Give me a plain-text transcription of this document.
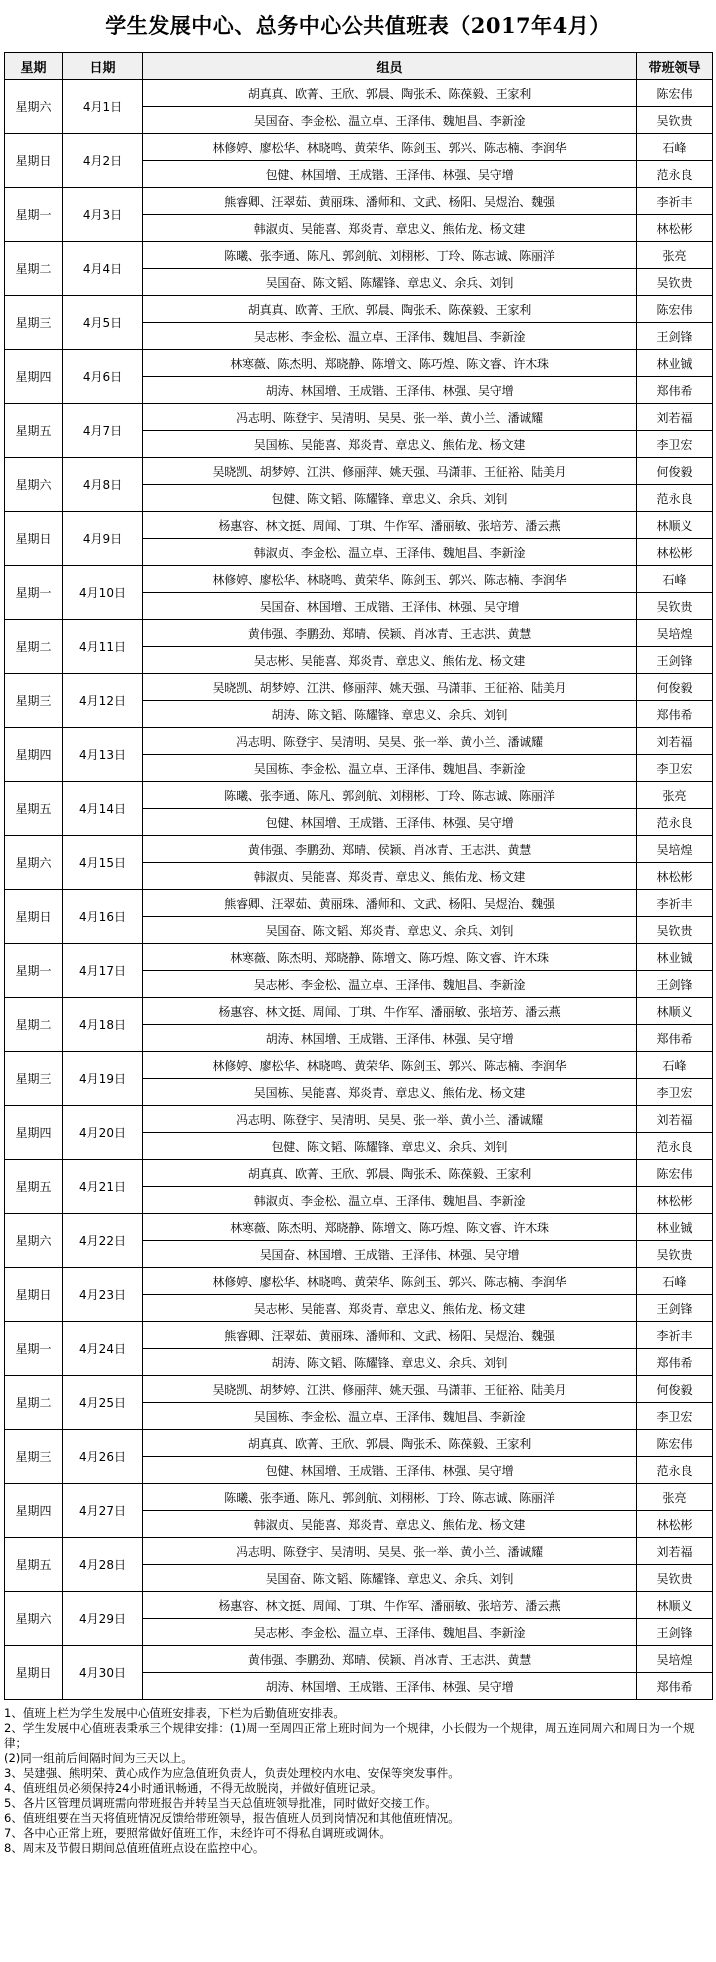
学生发展中心、总务中心公共值班表（2017年4月）
星期	日期	组员	带班领导
星期六	4月1日	胡真真、欧菁、王欣、郭晨、陶张禾、陈葆毅、王家利	陈宏伟
		吴国奋、李金松、温立卓、王泽伟、魏旭昌、李新淦	吴钦贵
星期日	4月2日	林修婷、廖松华、林晓鸣、黄荣华、陈剑玉、郭兴、陈志楠、李润华	石峰
		包健、林国增、王成锴、王泽伟、林强、吴守增	范永良
星期一	4月3日	熊睿卿、汪翠茹、黄丽珠、潘师和、文武、杨阳、吴煜治、魏强	李祈丰
		韩淑贞、吴能喜、郑炎青、章忠义、熊佑龙、杨文建	林松彬
星期二	4月4日	陈曦、张李通、陈凡、郭剑航、刘栩彬、丁玲、陈志诚、陈丽洋	张亮
		吴国奋、陈文韬、陈耀锋、章忠义、余兵、刘钊	吴钦贵
星期三	4月5日	胡真真、欧菁、王欣、郭晨、陶张禾、陈葆毅、王家利	陈宏伟
		吴志彬、李金松、温立卓、王泽伟、魏旭昌、李新淦	王剑锋
星期四	4月6日	林寒薇、陈杰明、郑晓静、陈增文、陈巧煌、陈文睿、许木珠	林业铖
		胡涛、林国增、王成锴、王泽伟、林强、吴守增	郑伟希
星期五	4月7日	冯志明、陈登宇、吴清明、吴昊、张一举、黄小兰、潘诚耀	刘若福
		吴国栋、吴能喜、郑炎青、章忠义、熊佑龙、杨文建	李卫宏
星期六	4月8日	吴晓凯、胡梦婷、江洪、修丽萍、姚天强、马潇菲、王征裕、陆美月	何俊毅
		包健、陈文韬、陈耀锋、章忠义、余兵、刘钊	范永良
星期日	4月9日	杨惠容、林文挺、周闻、丁琪、牛作军、潘丽敏、张培芳、潘云燕	林顺义
		韩淑贞、李金松、温立卓、王泽伟、魏旭昌、李新淦	林松彬
星期一	4月10日	林修婷、廖松华、林晓鸣、黄荣华、陈剑玉、郭兴、陈志楠、李润华	石峰
		吴国奋、林国增、王成锴、王泽伟、林强、吴守增	吴钦贵
星期二	4月11日	黄伟强、李鹏劲、郑晴、侯颖、肖冰青、王志洪、黄慧	吴培煌
		吴志彬、吴能喜、郑炎青、章忠义、熊佑龙、杨文建	王剑锋
星期三	4月12日	吴晓凯、胡梦婷、江洪、修丽萍、姚天强、马潇菲、王征裕、陆美月	何俊毅
		胡涛、陈文韬、陈耀锋、章忠义、余兵、刘钊	郑伟希
星期四	4月13日	冯志明、陈登宇、吴清明、吴昊、张一举、黄小兰、潘诚耀	刘若福
		吴国栋、李金松、温立卓、王泽伟、魏旭昌、李新淦	李卫宏
星期五	4月14日	陈曦、张李通、陈凡、郭剑航、刘栩彬、丁玲、陈志诚、陈丽洋	张亮
		包健、林国增、王成锴、王泽伟、林强、吴守增	范永良
星期六	4月15日	黄伟强、李鹏劲、郑晴、侯颖、肖冰青、王志洪、黄慧	吴培煌
		韩淑贞、吴能喜、郑炎青、章忠义、熊佑龙、杨文建	林松彬
星期日	4月16日	熊睿卿、汪翠茹、黄丽珠、潘师和、文武、杨阳、吴煜治、魏强	李祈丰
		吴国奋、陈文韬、郑炎青、章忠义、余兵、刘钊	吴钦贵
星期一	4月17日	林寒薇、陈杰明、郑晓静、陈增文、陈巧煌、陈文睿、许木珠	林业铖
		吴志彬、李金松、温立卓、王泽伟、魏旭昌、李新淦	王剑锋
星期二	4月18日	杨惠容、林文挺、周闻、丁琪、牛作军、潘丽敏、张培芳、潘云燕	林顺义
		胡涛、林国增、王成锴、王泽伟、林强、吴守增	郑伟希
星期三	4月19日	林修婷、廖松华、林晓鸣、黄荣华、陈剑玉、郭兴、陈志楠、李润华	石峰
		吴国栋、吴能喜、郑炎青、章忠义、熊佑龙、杨文建	李卫宏
星期四	4月20日	冯志明、陈登宇、吴清明、吴昊、张一举、黄小兰、潘诚耀	刘若福
		包健、陈文韬、陈耀锋、章忠义、余兵、刘钊	范永良
星期五	4月21日	胡真真、欧菁、王欣、郭晨、陶张禾、陈葆毅、王家利	陈宏伟
		韩淑贞、李金松、温立卓、王泽伟、魏旭昌、李新淦	林松彬
星期六	4月22日	林寒薇、陈杰明、郑晓静、陈增文、陈巧煌、陈文睿、许木珠	林业铖
		吴国奋、林国增、王成锴、王泽伟、林强、吴守增	吴钦贵
星期日	4月23日	林修婷、廖松华、林晓鸣、黄荣华、陈剑玉、郭兴、陈志楠、李润华	石峰
		吴志彬、吴能喜、郑炎青、章忠义、熊佑龙、杨文建	王剑锋
星期一	4月24日	熊睿卿、汪翠茹、黄丽珠、潘师和、文武、杨阳、吴煜治、魏强	李祈丰
		胡涛、陈文韬、陈耀锋、章忠义、余兵、刘钊	郑伟希
星期二	4月25日	吴晓凯、胡梦婷、江洪、修丽萍、姚天强、马潇菲、王征裕、陆美月	何俊毅
		吴国栋、李金松、温立卓、王泽伟、魏旭昌、李新淦	李卫宏
星期三	4月26日	胡真真、欧菁、王欣、郭晨、陶张禾、陈葆毅、王家利	陈宏伟
		包健、林国增、王成锴、王泽伟、林强、吴守增	范永良
星期四	4月27日	陈曦、张李通、陈凡、郭剑航、刘栩彬、丁玲、陈志诚、陈丽洋	张亮
		韩淑贞、吴能喜、郑炎青、章忠义、熊佑龙、杨文建	林松彬
星期五	4月28日	冯志明、陈登宇、吴清明、吴昊、张一举、黄小兰、潘诚耀	刘若福
		吴国奋、陈文韬、陈耀锋、章忠义、余兵、刘钊	吴钦贵
星期六	4月29日	杨惠容、林文挺、周闻、丁琪、牛作军、潘丽敏、张培芳、潘云燕	林顺义
		吴志彬、李金松、温立卓、王泽伟、魏旭昌、李新淦	王剑锋
星期日	4月30日	黄伟强、李鹏劲、郑晴、侯颖、肖冰青、王志洪、黄慧	吴培煌
		胡涛、林国增、王成锴、王泽伟、林强、吴守增	郑伟希
1、值班上栏为学生发展中心值班安排表，下栏为后勤值班安排表。
2、学生发展中心值班表秉承三个规律安排：(1)周一至周四正常上班时间为一个规律，小长假为一个规律，周五连同周六和周日为一个规律；
(2)同一组前后间隔时间为三天以上。
3、吴建强、熊明荣、黄心成作为应急值班负责人，负责处理校内水电、安保等突发事件。
4、值班组员必须保持24小时通讯畅通，不得无故脱岗，并做好值班记录。
5、各片区管理员调班需向带班报告并转呈当天总值班领导批准，同时做好交接工作。
6、值班组要在当天将值班情况反馈给带班领导，报告值班人员到岗情况和其他值班情况。
7、各中心正常上班，要照常做好值班工作，未经许可不得私自调班或调休。
8、周末及节假日期间总值班值班点设在监控中心。
